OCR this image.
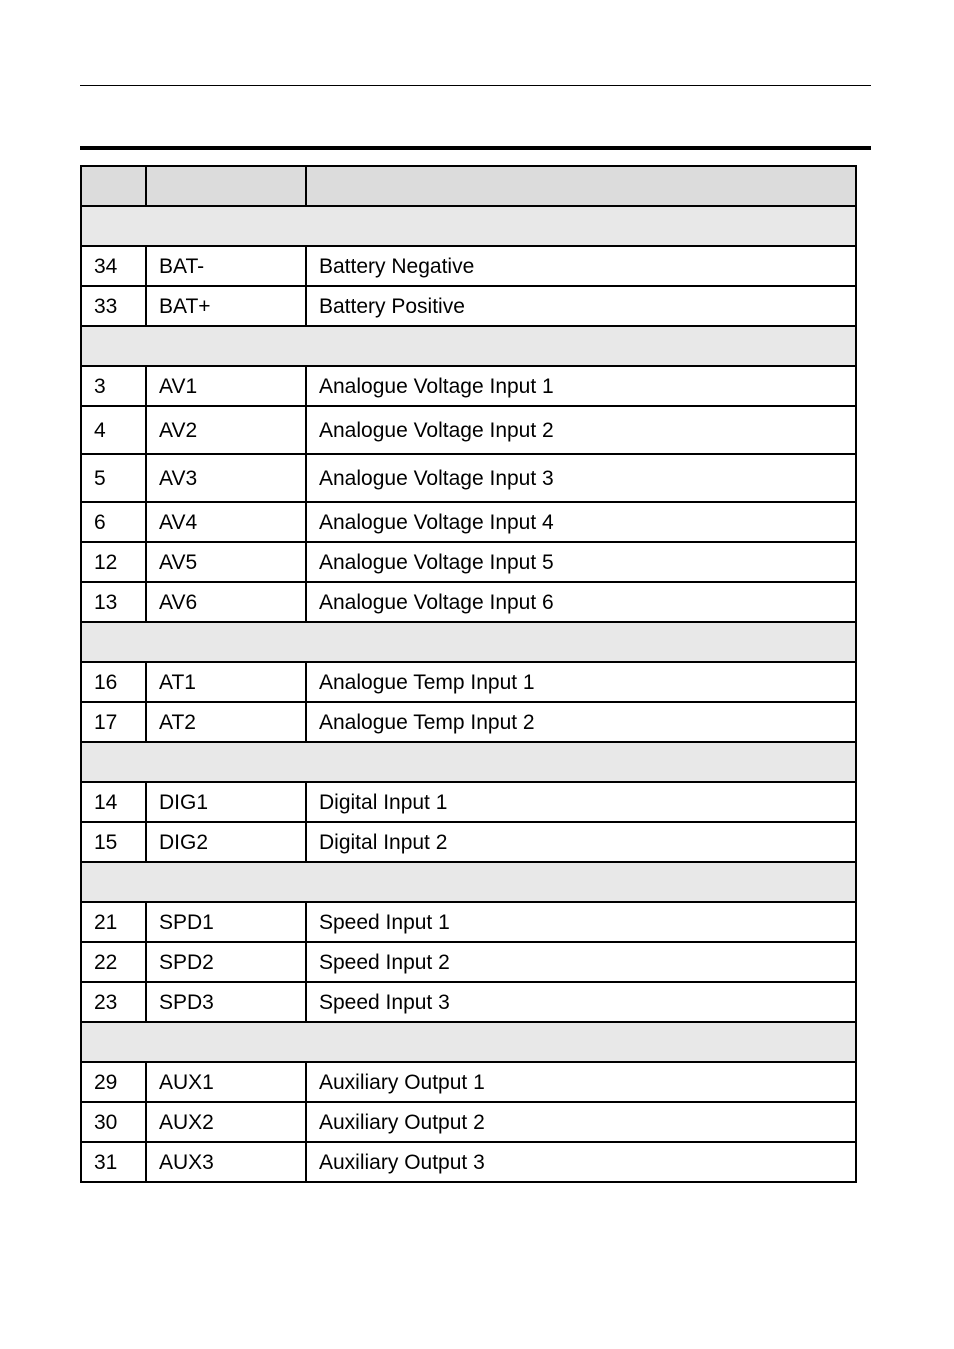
34	BAT-	Battery Negative
33	BAT+	Battery Positive

3	AV1	Analogue Voltage Input 1
4	AV2	Analogue Voltage Input 2
5	AV3	Analogue Voltage Input 3
6	AV4	Analogue Voltage Input 4
12	AV5	Analogue Voltage Input 5
13	AV6	Analogue Voltage Input 6

16	AT1	Analogue Temp Input 1
17	AT2	Analogue Temp Input 2

14	DIG1	Digital Input 1
15	DIG2	Digital Input 2

21	SPD1	Speed Input 1
22	SPD2	Speed Input 2
23	SPD3	Speed Input 3

29	AUX1	Auxiliary Output 1
30	AUX2	Auxiliary Output 2
31	AUX3	Auxiliary Output 3
